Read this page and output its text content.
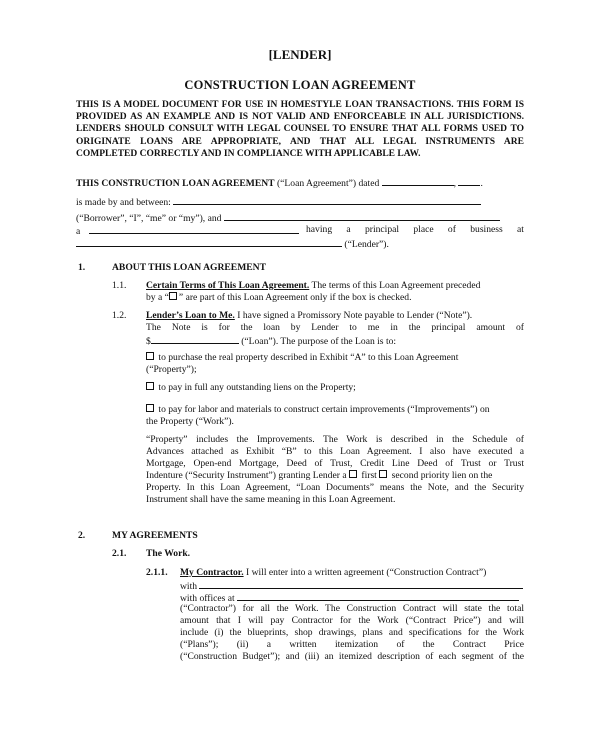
[LENDER]
CONSTRUCTION LOAN AGREEMENT
THIS IS A MODEL DOCUMENT FOR USE IN HOMESTYLE LOAN TRANSACTIONS. THIS FORM IS PROVIDED AS AN EXAMPLE AND IS NOT VALID AND ENFORCEABLE IN ALL JURISDICTIONS. LENDERS SHOULD CONSULT WITH LEGAL COUNSEL TO ENSURE THAT ALL FORMS USED TO ORIGINATE LOANS ARE APPROPRIATE, AND THAT ALL LEGAL INSTRUMENTS ARE COMPLETED CORRECTLY AND IN COMPLIANCE WITH APPLICABLE LAW.
THIS CONSTRUCTION LOAN AGREEMENT (“Loan Agreement”) dated	,	.
is made by and between:
(“Borrower”, “I”, “me” or “my”), and
a	having a principal place of business at
(“Lender”).
1.	ABOUT THIS LOAN AGREEMENT
1.1. Certain Terms of This Loan Agreement. The terms of this Loan Agreement preceded
by a “ ” are part of this Loan Agreement only if the box is checked.
1.2. Lender’s Loan to Me. I have signed a Promissory Note payable to Lender (“Note”).
The Note is for the loan by Lender to me in the principal amount of
$	(“Loan”). The purpose of the Loan is to:
to purchase the real property described in Exhibit “A” to this Loan Agreement
(“Property”);
to pay in full any outstanding liens on the Property;
to pay for labor and materials to construct certain improvements (“Improvements”) on
the Property (“Work”).
“Property” includes the Improvements. The Work is described in the Schedule of
Advances attached as Exhibit “B” to this Loan Agreement. I also have executed a
Mortgage, Open-end Mortgage, Deed of Trust, Credit Line Deed of Trust or Trust
Indenture (“Security Instrument”) granting Lender a  first  second priority lien on the
Property. In this Loan Agreement, “Loan Documents” means the Note, and the Security
Instrument shall have the same meaning in this Loan Agreement.
2.	MY AGREEMENTS
2.1. The Work.
2.1.1. My Contractor. I will enter into a written agreement (“Construction Contract”)
with
with offices at
(“Contractor”) for all the Work. The Construction Contract will state the total
amount that I will pay Contractor for the Work (“Contract Price”) and will
include (i) the blueprints, shop drawings, plans and specifications for the Work
(“Plans”); (ii) a written itemization of the Contract Price
(“Construction Budget”); and (iii) an itemized description of each segment of the
